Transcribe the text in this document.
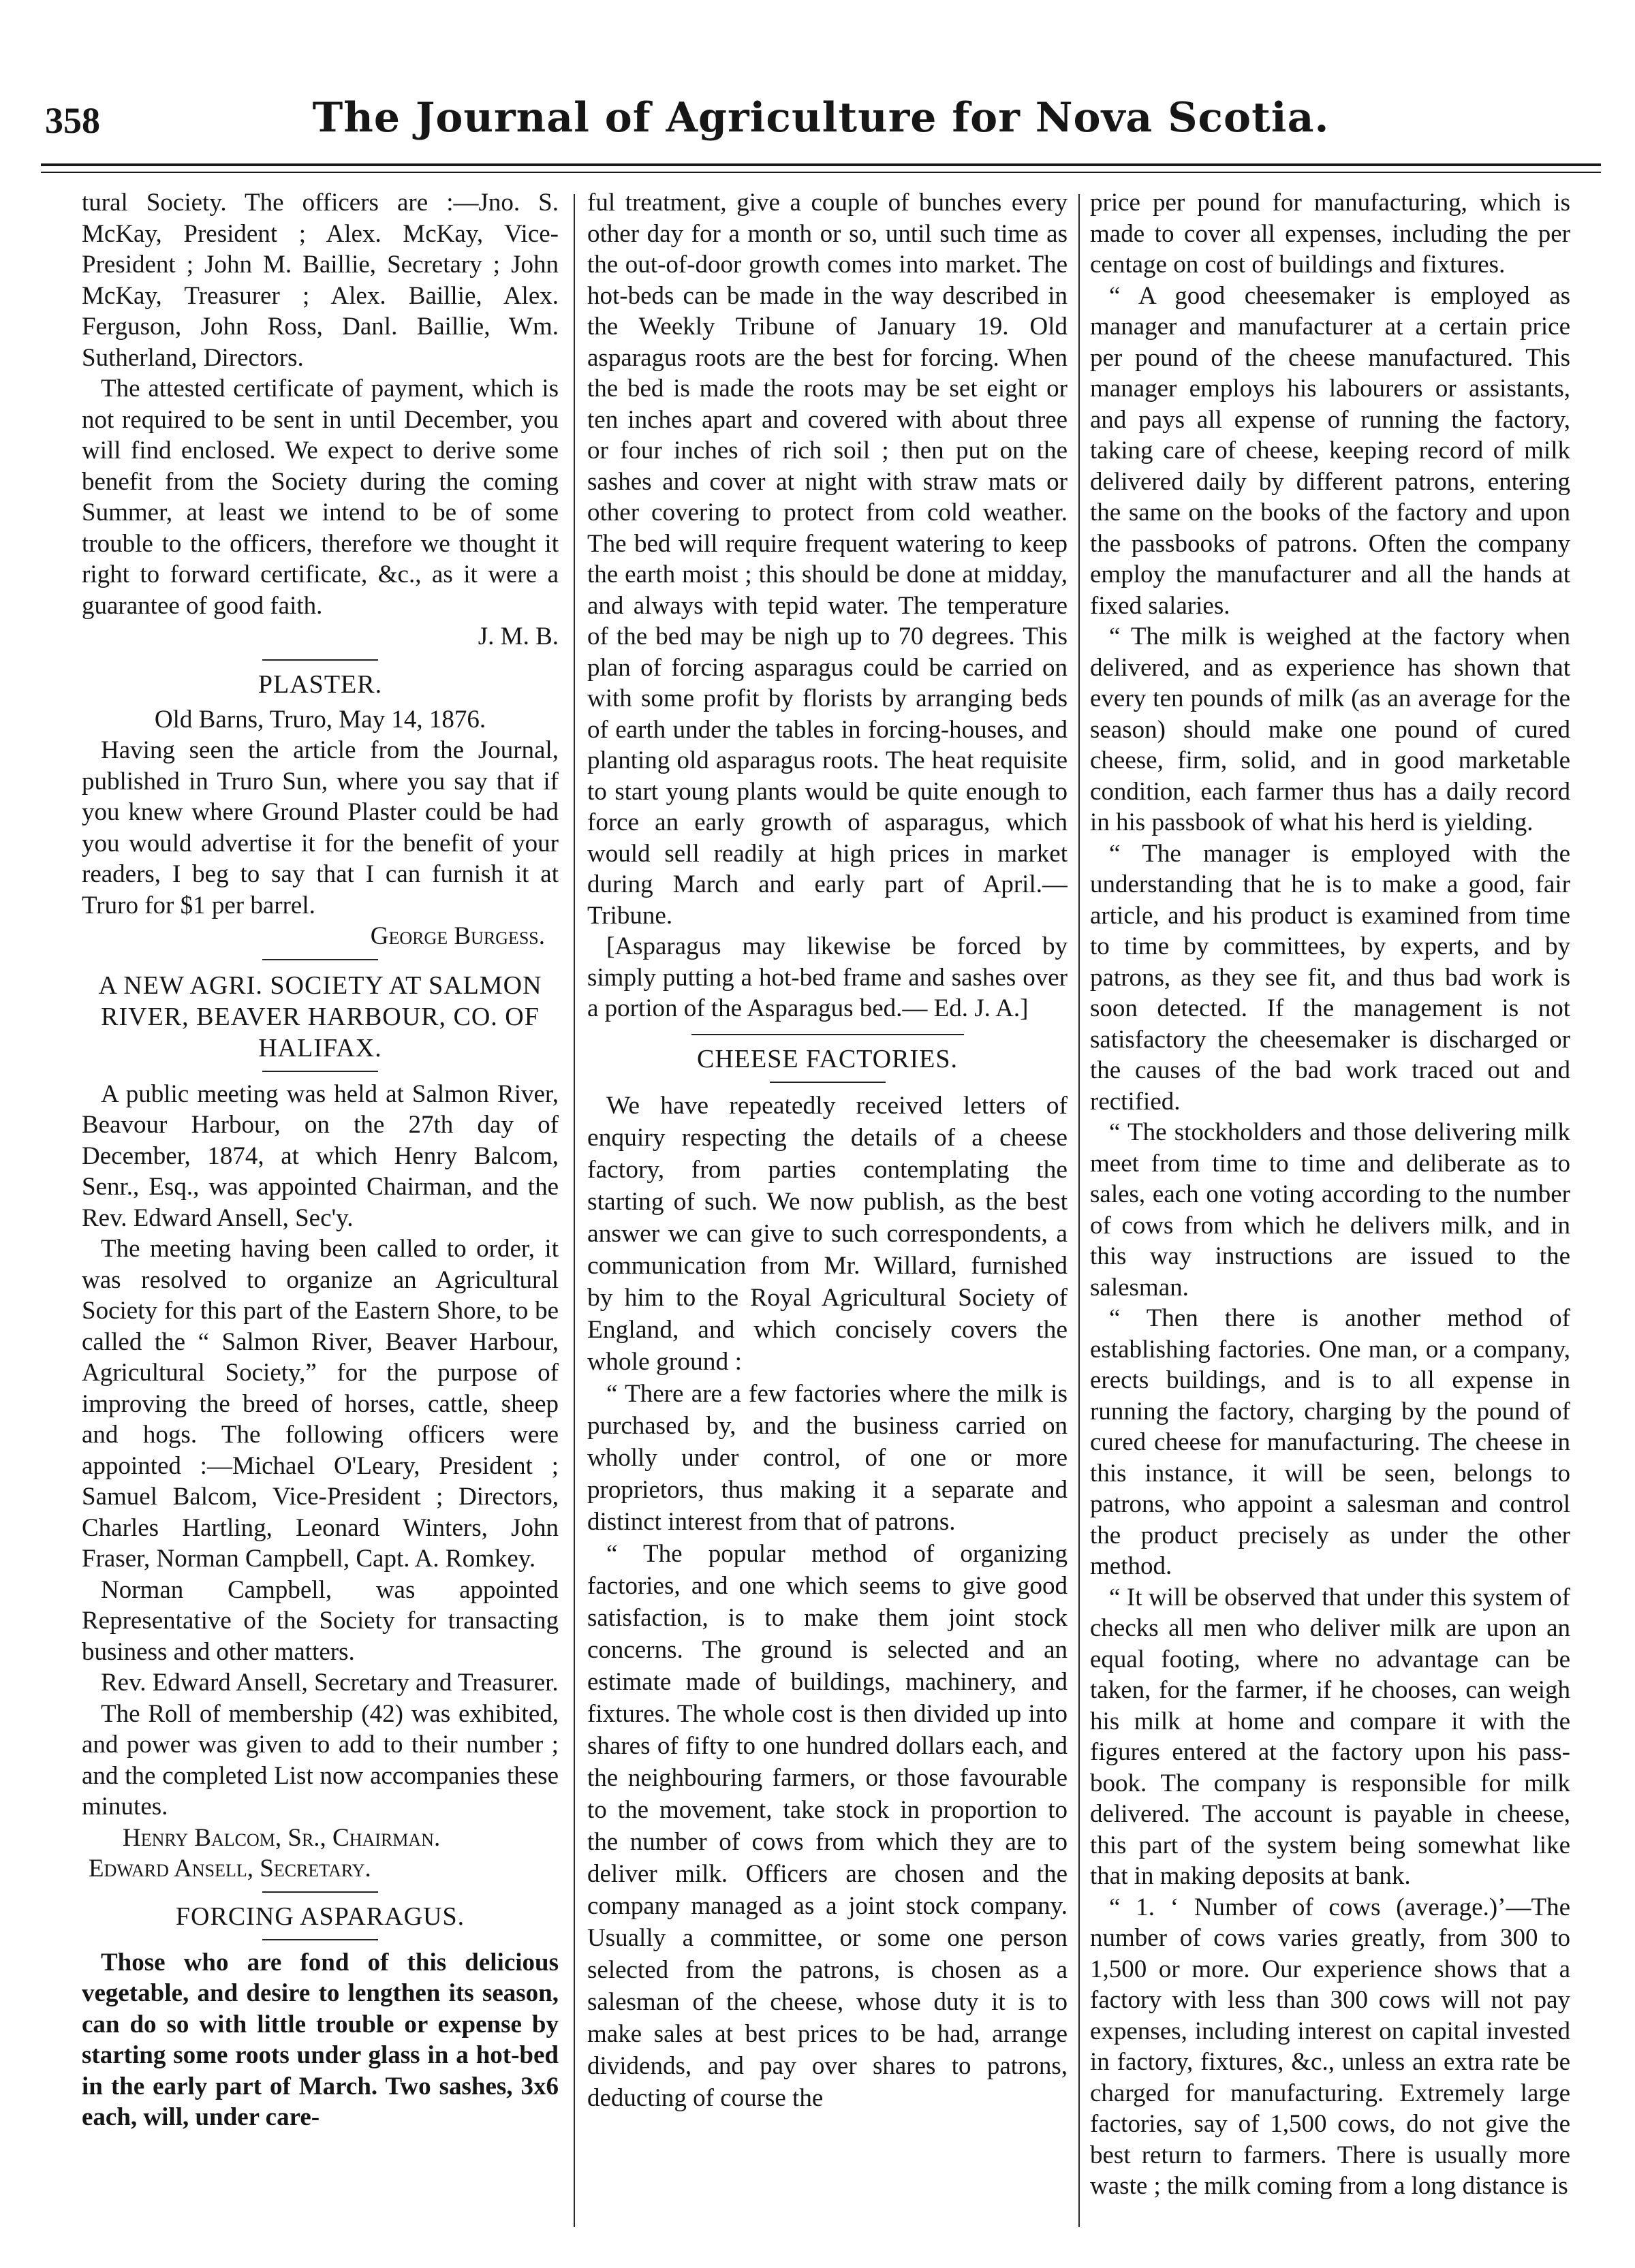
358	The Journal of Agriculture for Nova Scotia.

tural Society. The officers are :—Jno. S. McKay, President ; Alex. McKay, Vice-President ; John M. Baillie, Secretary ; John McKay, Treasurer ; Alex. Baillie, Alex. Ferguson, John Ross, Danl. Baillie, Wm. Sutherland, Directors.

The attested certificate of payment, which is not required to be sent in until December, you will find enclosed. We expect to derive some benefit from the Society during the coming Summer, at least we intend to be of some trouble to the officers, therefore we thought it right to forward certificate, &c., as it were a guarantee of good faith.

J. M. B.

PLASTER.

Old Barns, Truro, May 14, 1876.

Having seen the article from the Journal, published in Truro Sun, where you say that if you knew where Ground Plaster could be had you would advertise it for the benefit of your readers, I beg to say that I can furnish it at Truro for $1 per barrel.

George Burgess.

A NEW AGRI. SOCIETY AT SALMON RIVER, BEAVER HARBOUR, CO. OF HALIFAX.

A public meeting was held at Salmon River, Beavour Harbour, on the 27th day of December, 1874, at which Henry Balcom, Senr., Esq., was appointed Chairman, and the Rev. Edward Ansell, Sec'y.

The meeting having been called to order, it was resolved to organize an Agricultural Society for this part of the Eastern Shore, to be called the “ Salmon River, Beaver Harbour, Agricultural Society,” for the purpose of improving the breed of horses, cattle, sheep and hogs. The following officers were appointed :—Michael O'Leary, President ; Samuel Balcom, Vice-President ; Directors, Charles Hartling, Leonard Winters, John Fraser, Norman Campbell, Capt. A. Romkey.

Norman Campbell, was appointed Representative of the Society for transacting business and other matters.

Rev. Edward Ansell, Secretary and Treasurer.

The Roll of membership (42) was exhibited, and power was given to add to their number ; and the completed List now accompanies these minutes.

Henry Balcom, Sr., Chairman.

Edward Ansell, Secretary.

FORCING ASPARAGUS.

Those who are fond of this delicious vegetable, and desire to lengthen its season, can do so with little trouble or expense by starting some roots under glass in a hot-bed in the early part of March. Two sashes, 3x6 each, will, under care-

ful treatment, give a couple of bunches every other day for a month or so, until such time as the out-of-door growth comes into market. The hot-beds can be made in the way described in the Weekly Tribune of January 19. Old asparagus roots are the best for forcing. When the bed is made the roots may be set eight or ten inches apart and covered with about three or four inches of rich soil ; then put on the sashes and cover at night with straw mats or other covering to protect from cold weather. The bed will require frequent watering to keep the earth moist ; this should be done at midday, and always with tepid water. The temperature of the bed may be nigh up to 70 degrees. This plan of forcing asparagus could be carried on with some profit by florists by arranging beds of earth under the tables in forcing-houses, and planting old asparagus roots. The heat requisite to start young plants would be quite enough to force an early growth of asparagus, which would sell readily at high prices in market during March and early part of April.—Tribune.

[Asparagus may likewise be forced by simply putting a hot-bed frame and sashes over a portion of the Asparagus bed.— Ed. J. A.]

CHEESE FACTORIES.

We have repeatedly received letters of enquiry respecting the details of a cheese factory, from parties contemplating the starting of such. We now publish, as the best answer we can give to such correspondents, a communication from Mr. Willard, furnished by him to the Royal Agricultural Society of England, and which concisely covers the whole ground :

“ There are a few factories where the milk is purchased by, and the business carried on wholly under control, of one or more proprietors, thus making it a separate and distinct interest from that of patrons.

“ The popular method of organizing factories, and one which seems to give good satisfaction, is to make them joint stock concerns. The ground is selected and an estimate made of buildings, machinery, and fixtures. The whole cost is then divided up into shares of fifty to one hundred dollars each, and the neighbouring farmers, or those favourable to the movement, take stock in proportion to the number of cows from which they are to deliver milk. Officers are chosen and the company managed as a joint stock company. Usually a committee, or some one person selected from the patrons, is chosen as a salesman of the cheese, whose duty it is to make sales at best prices to be had, arrange dividends, and pay over shares to patrons, deducting of course the

price per pound for manufacturing, which is made to cover all expenses, including the per centage on cost of buildings and fixtures.

“ A good cheesemaker is employed as manager and manufacturer at a certain price per pound of the cheese manufactured. This manager employs his labourers or assistants, and pays all expense of running the factory, taking care of cheese, keeping record of milk delivered daily by different patrons, entering the same on the books of the factory and upon the passbooks of patrons. Often the company employ the manufacturer and all the hands at fixed salaries.

“ The milk is weighed at the factory when delivered, and as experience has shown that every ten pounds of milk (as an average for the season) should make one pound of cured cheese, firm, solid, and in good marketable condition, each farmer thus has a daily record in his passbook of what his herd is yielding.

“ The manager is employed with the understanding that he is to make a good, fair article, and his product is examined from time to time by committees, by experts, and by patrons, as they see fit, and thus bad work is soon detected. If the management is not satisfactory the cheesemaker is discharged or the causes of the bad work traced out and rectified.

“ The stockholders and those delivering milk meet from time to time and deliberate as to sales, each one voting according to the number of cows from which he delivers milk, and in this way instructions are issued to the salesman.

“ Then there is another method of establishing factories. One man, or a company, erects buildings, and is to all expense in running the factory, charging by the pound of cured cheese for manufacturing. The cheese in this instance, it will be seen, belongs to patrons, who appoint a salesman and control the product precisely as under the other method.

“ It will be observed that under this system of checks all men who deliver milk are upon an equal footing, where no advantage can be taken, for the farmer, if he chooses, can weigh his milk at home and compare it with the figures entered at the factory upon his pass-book. The company is responsible for milk delivered. The account is payable in cheese, this part of the system being somewhat like that in making deposits at bank.

“ 1. ‘ Number of cows (average.)’—The number of cows varies greatly, from 300 to 1,500 or more. Our experience shows that a factory with less than 300 cows will not pay expenses, including interest on capital invested in factory, fixtures, &c., unless an extra rate be charged for manufacturing. Extremely large factories, say of 1,500 cows, do not give the best return to farmers. There is usually more waste ; the milk coming from a long distance is
